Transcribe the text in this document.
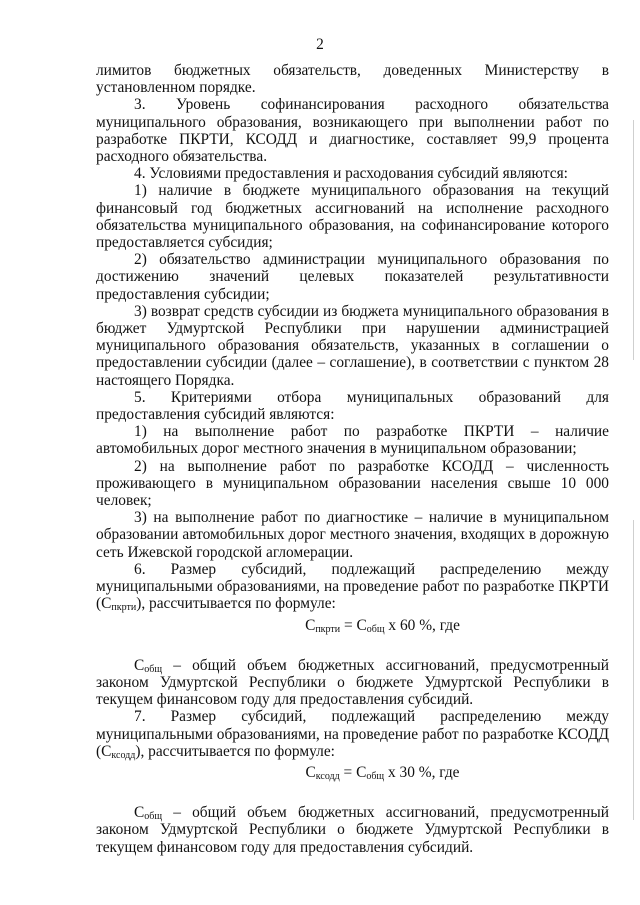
2

лимитов бюджетных обязательств, доведенных Министерству в установленном порядке.

3. Уровень софинансирования расходного обязательства муниципального образования, возникающего при выполнении работ по разработке ПКРТИ, КСОДД и диагностике, составляет 99,9 процента расходного обязательства.

4. Условиями предоставления и расходования субсидий являются:

1) наличие в бюджете муниципального образования на текущий финансовый год бюджетных ассигнований на исполнение расходного обязательства муниципального образования, на софинансирование которого предоставляется субсидия;

2) обязательство администрации муниципального образования по достижению значений целевых показателей результативности предоставления субсидии;

3) возврат средств субсидии из бюджета муниципального образования в бюджет Удмуртской Республики при нарушении администрацией муниципального образования обязательств, указанных в соглашении о предоставлении субсидии (далее – соглашение), в соответствии с пунктом 28 настоящего Порядка.

5. Критериями отбора муниципальных образований для предоставления субсидий являются:

1) на выполнение работ по разработке ПКРТИ – наличие автомобильных дорог местного значения в муниципальном образовании;

2) на выполнение работ по разработке КСОДД – численность проживающего в муниципальном образовании населения свыше 10 000 человек;

3) на выполнение работ по диагностике – наличие в муниципальном образовании автомобильных дорог местного значения, входящих в дорожную сеть Ижевской городской агломерации.

6. Размер субсидий, подлежащий распределению между муниципальными образованиями, на проведение работ по разработке ПКРТИ $(С_{пкрти})$, рассчитывается по формуле:

$С_{пкрти} = С_{общ}$ х 60 %, где

$С_{общ}$ – общий объем бюджетных ассигнований, предусмотренный законом Удмуртской Республики о бюджете Удмуртской Республики в текущем финансовом году для предоставления субсидий.

7. Размер субсидий, подлежащий распределению между муниципальными образованиями, на проведение работ по разработке КСОДД $(С_{ксодд})$, рассчитывается по формуле:

$С_{ксодд} = С_{общ}$ х 30 %, где

$С_{общ}$ – общий объем бюджетных ассигнований, предусмотренный законом Удмуртской Республики о бюджете Удмуртской Республики в текущем финансовом году для предоставления субсидий.
